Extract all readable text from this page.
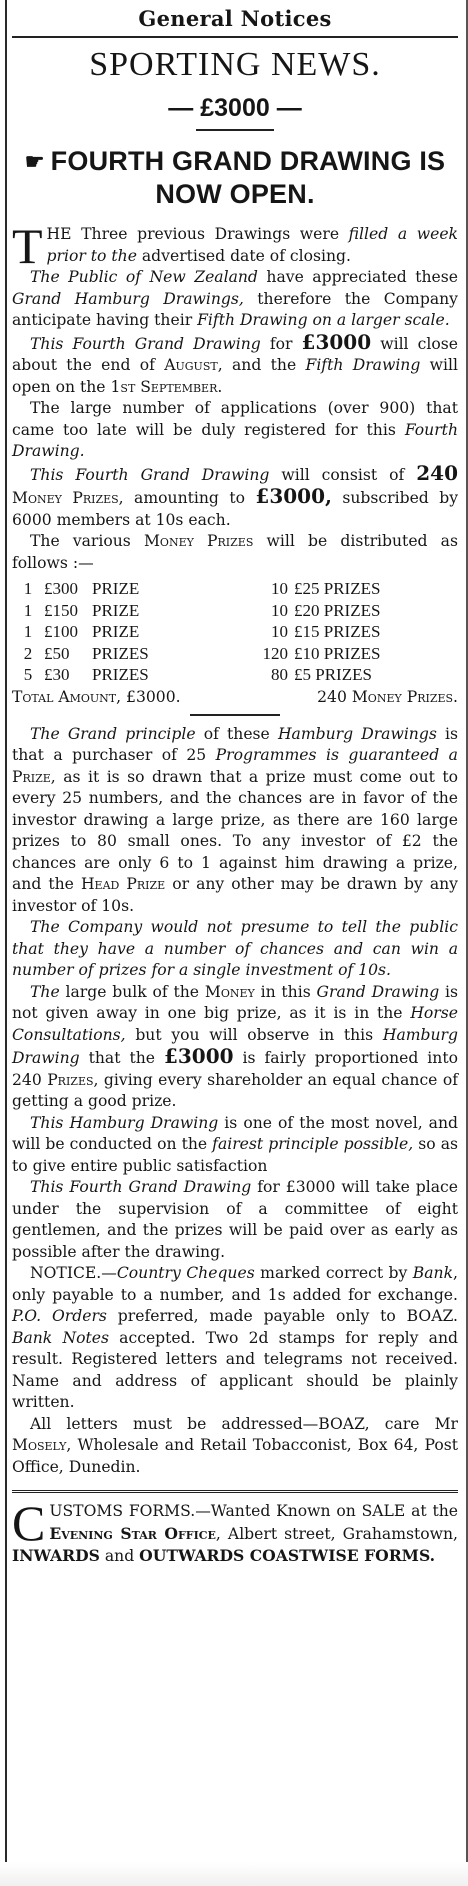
General Notices
SPORTING NEWS.
— £3000 —
☛ FOURTH GRAND DRAWING IS
NOW OPEN.

THE Three previous Drawings were filled a week prior to the advertised date of closing.

The Public of New Zealand have appreciated these Grand Hamburg Drawings, therefore the Company anticipate having their Fifth Drawing on a larger scale.

This Fourth Grand Drawing for £3000 will close about the end of August, and the Fifth Drawing will open on the 1st September.

The large number of applications (over 900) that came too late will be duly registered for this Fourth Drawing.

This Fourth Grand Drawing will consist of 240 Money Prizes, amounting to £3000, subscribed by 6000 members at 10s each.

The various Money Prizes will be distributed as follows :—

1	£300	PRIZE	10	£25 PRIZES
1	£150	PRIZE	10	£20 PRIZES
1	£100	PRIZE	10	£15 PRIZES
2	£50	PRIZES	120	£10 PRIZES
5	£30	PRIZES	80	£5 PRIZES
Total Amount, £3000.	240 Money Prizes.

The Grand principle of these Hamburg Drawings is that a purchaser of 25 Programmes is guaranteed a Prize, as it is so drawn that a prize must come out to every 25 numbers, and the chances are in favor of the investor drawing a large prize, as there are 160 large prizes to 80 small ones. To any investor of £2 the chances are only 6 to 1 against him drawing a prize, and the Head Prize or any other may be drawn by any investor of 10s.

The Company would not presume to tell the public that they have a number of chances and can win a number of prizes for a single investment of 10s.

The large bulk of the Money in this Grand Drawing is not given away in one big prize, as it is in the Horse Consultations, but you will observe in this Hamburg Drawing that the £3000 is fairly proportioned into 240 Prizes, giving every shareholder an equal chance of getting a good prize.

This Hamburg Drawing is one of the most novel, and will be conducted on the fairest principle possible, so as to give entire public satisfaction

This Fourth Grand Drawing for £3000 will take place under the supervision of a committee of eight gentlemen, and the prizes will be paid over as early as possible after the drawing.

NOTICE.—Country Cheques marked correct by Bank, only payable to a number, and 1s added for exchange. P.O. Orders preferred, made payable only to BOAZ. Bank Notes accepted. Two 2d stamps for reply and result. Registered letters and telegrams not received. Name and address of applicant should be plainly written.

All letters must be addressed—BOAZ, care Mr Mosely, Wholesale and Retail Tobacconist, Box 64, Post Office, Dunedin.

CUSTOMS FORMS.—Wanted Known on SALE at the Evening Star Office, Albert street, Grahamstown, INWARDS and OUTWARDS COASTWISE FORMS.
